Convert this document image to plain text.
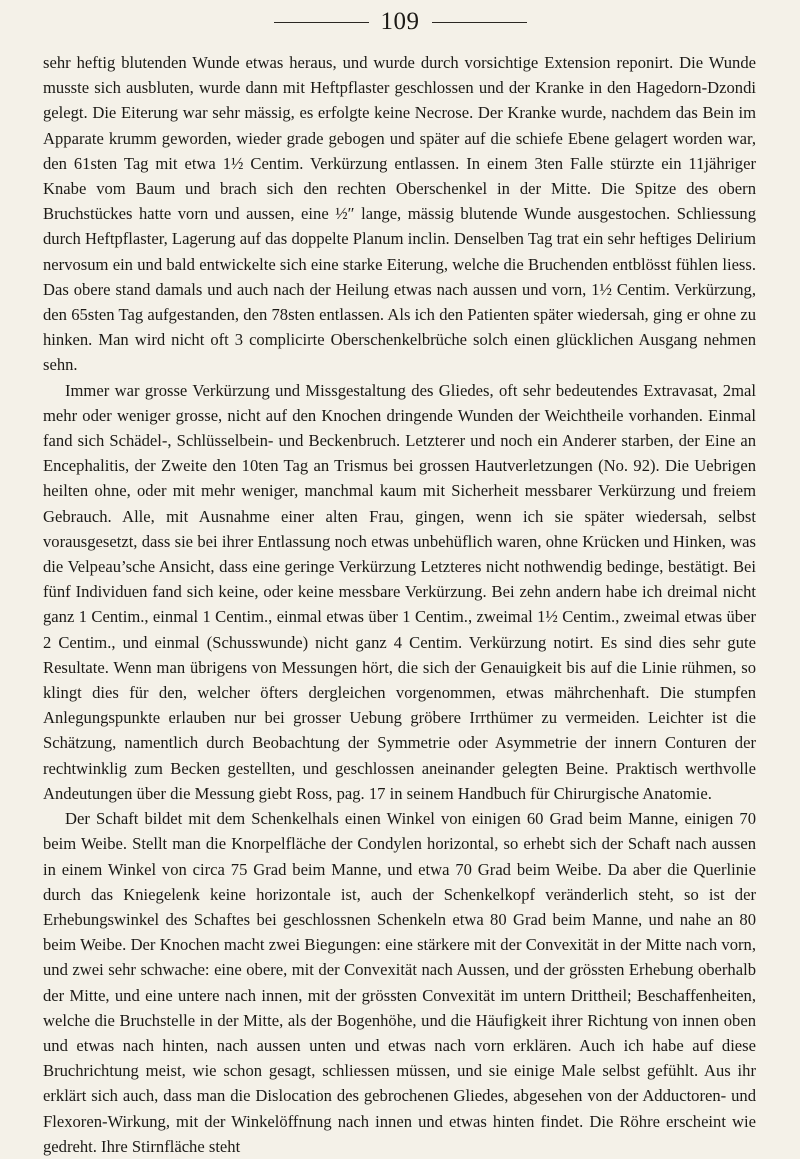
109

sehr heftig blutenden Wunde etwas heraus, und wurde durch vorsichtige Extension reponirt. Die Wunde musste sich ausbluten, wurde dann mit Heftpflaster geschlossen und der Kranke in den Hagedorn-Dzondi gelegt. Die Eiterung war sehr mässig, es erfolgte keine Necrose. Der Kranke wurde, nachdem das Bein im Apparate krumm geworden, wieder grade gebogen und später auf die schiefe Ebene gelagert worden war, den 61sten Tag mit etwa 1½ Centim. Verkürzung entlassen. In einem 3ten Falle stürzte ein 11jähriger Knabe vom Baum und brach sich den rechten Oberschenkel in der Mitte. Die Spitze des obern Bruchstückes hatte vorn und aussen, eine ½″ lange, mässig blutende Wunde ausgestochen. Schliessung durch Heftpflaster, Lagerung auf das doppelte Planum inclin. Denselben Tag trat ein sehr heftiges Delirium nervosum ein und bald entwickelte sich eine starke Eiterung, welche die Bruchenden entblösst fühlen liess. Das obere stand damals und auch nach der Heilung etwas nach aussen und vorn, 1½ Centim. Verkürzung, den 65sten Tag aufgestanden, den 78sten entlassen. Als ich den Patienten später wiedersah, ging er ohne zu hinken. Man wird nicht oft 3 complicirte Oberschenkelbrüche solch einen glücklichen Ausgang nehmen sehn.

Immer war grosse Verkürzung und Missgestaltung des Gliedes, oft sehr bedeutendes Extravasat, 2mal mehr oder weniger grosse, nicht auf den Knochen dringende Wunden der Weichtheile vorhanden. Einmal fand sich Schädel-, Schlüsselbein- und Beckenbruch. Letzterer und noch ein Anderer starben, der Eine an Encephalitis, der Zweite den 10ten Tag an Trismus bei grossen Hautverletzungen (No. 92). Die Uebrigen heilten ohne, oder mit mehr weniger, manchmal kaum mit Sicherheit messbarer Verkürzung und freiem Gebrauch. Alle, mit Ausnahme einer alten Frau, gingen, wenn ich sie später wiedersah, selbst vorausgesetzt, dass sie bei ihrer Entlassung noch etwas unbehüflich waren, ohne Krücken und Hinken, was die Velpeau’sche Ansicht, dass eine geringe Verkürzung Letzteres nicht nothwendig bedinge, bestätigt. Bei fünf Individuen fand sich keine, oder keine messbare Verkürzung. Bei zehn andern habe ich dreimal nicht ganz 1 Centim., einmal 1 Centim., einmal etwas über 1 Centim., zweimal 1½ Centim., zweimal etwas über 2 Centim., und einmal (Schusswunde) nicht ganz 4 Centim. Verkürzung notirt. Es sind dies sehr gute Resultate. Wenn man übrigens von Messungen hört, die sich der Genauigkeit bis auf die Linie rühmen, so klingt dies für den, welcher öfters dergleichen vorgenommen, etwas mährchenhaft. Die stumpfen Anlegungspunkte erlauben nur bei grosser Uebung gröbere Irrthümer zu vermeiden. Leichter ist die Schätzung, namentlich durch Beobachtung der Symmetrie oder Asymmetrie der innern Conturen der rechtwinklig zum Becken gestellten, und geschlossen aneinander gelegten Beine. Praktisch werthvolle Andeutungen über die Messung giebt Ross, pag. 17 in seinem Handbuch für Chirurgische Anatomie.

Der Schaft bildet mit dem Schenkelhals einen Winkel von einigen 60 Grad beim Manne, einigen 70 beim Weibe. Stellt man die Knorpelfläche der Condylen horizontal, so erhebt sich der Schaft nach aussen in einem Winkel von circa 75 Grad beim Manne, und etwa 70 Grad beim Weibe. Da aber die Querlinie durch das Kniegelenk keine horizontale ist, auch der Schenkelkopf veränderlich steht, so ist der Erhebungswinkel des Schaftes bei geschlossnen Schenkeln etwa 80 Grad beim Manne, und nahe an 80 beim Weibe. Der Knochen macht zwei Biegungen: eine stärkere mit der Convexität in der Mitte nach vorn, und zwei sehr schwache: eine obere, mit der Convexität nach Aussen, und der grössten Erhebung oberhalb der Mitte, und eine untere nach innen, mit der grössten Convexität im untern Drittheil; Beschaffenheiten, welche die Bruchstelle in der Mitte, als der Bogenhöhe, und die Häufigkeit ihrer Richtung von innen oben und etwas nach hinten, nach aussen unten und etwas nach vorn erklären. Auch ich habe auf diese Bruchrichtung meist, wie schon gesagt, schliessen müssen, und sie einige Male selbst gefühlt. Aus ihr erklärt sich auch, dass man die Dislocation des gebrochenen Gliedes, abgesehen von der Adductoren- und Flexoren-Wirkung, mit der Winkelöffnung nach innen und etwas hinten findet. Die Röhre erscheint wie gedreht. Ihre Stirnfläche steht
